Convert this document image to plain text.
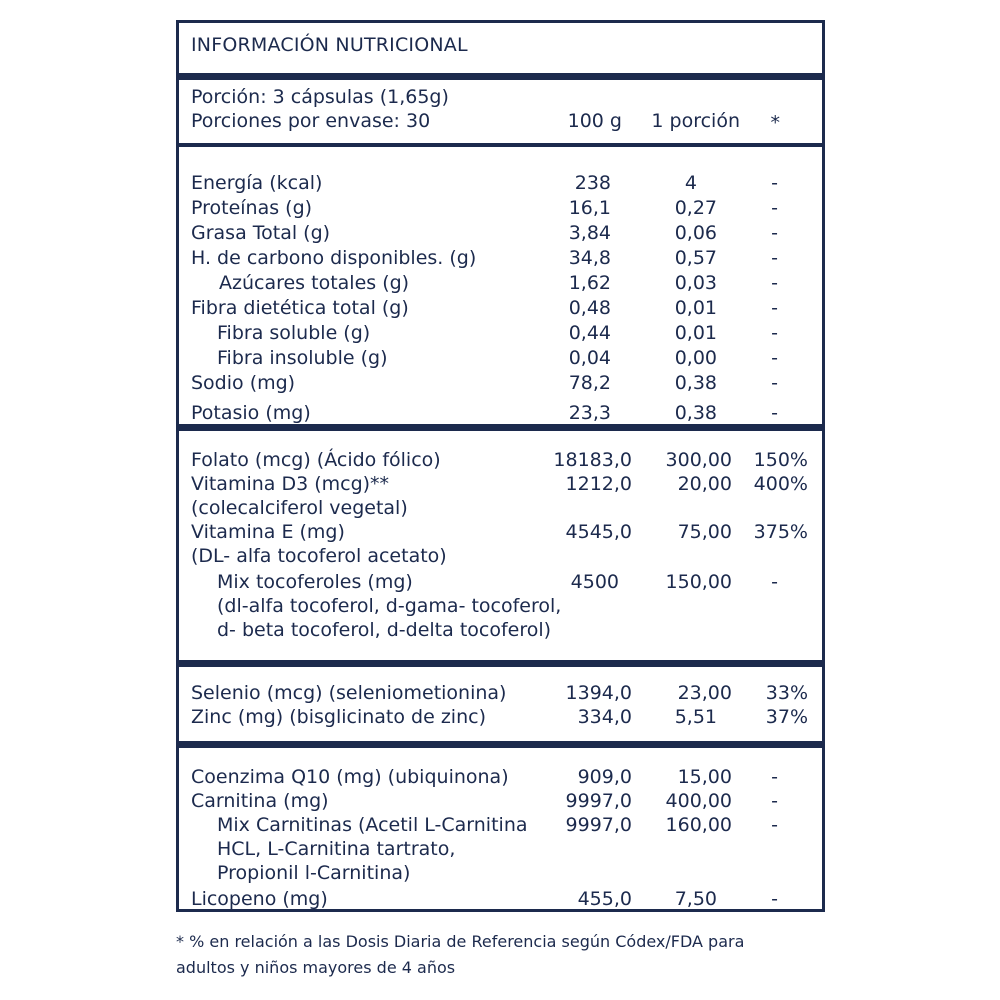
INFORMACIÓN NUTRICIONAL
Porción: 3 cápsulas (1,65g)
Porciones por envase: 30	100 g 1 porción *
Energía (kcal)	238	4	-
Proteínas (g)	16,1	0,27	-
Grasa Total (g)	3,84	0,06	-
H. de carbono disponibles. (g)	34,8	0,57	-
Azúcares totales (g)	1,62	0,03	-
Fibra dietética total (g)	0,48	0,01	-
Fibra soluble (g)	0,44	0,01	-
Fibra insoluble (g)	0,04	0,00	-
Sodio (mg)	78,2	0,38	-
Potasio (mg)	23,3	0,38	-
Folato (mcg) (Ácido fólico)	18183,0 300,00 150%
Vitamina D3 (mcg)**	1212,0 20,00 400%
(colecalciferol vegetal)
Vitamina E (mg)	4545,0 75,00 375%
(DL- alfa tocoferol acetato)
Mix tocoferoles (mg)	4500 150,00 -
(dl-alfa tocoferol, d-gama- tocoferol,
d- beta tocoferol, d-delta tocoferol)
Selenio (mcg) (seleniometionina)	1394,0 23,00 33%
Zinc (mg) (bisglicinato de zinc)	334,0 5,51	37%
Coenzima Q10 (mg) (ubiquinona)	909,0 15,00 -
Carnitina (mg)	9997,0 400,00 -
Mix Carnitinas (Acetil L-Carnitina 9997,0 160,00 -
HCL, L-Carnitina tartrato,
Propionil l-Carnitina)
Licopeno (mg)	455,0 7,50	-
* % en relación a las Dosis Diaria de Referencia según Códex/FDA para
adultos y niños mayores de 4 años
